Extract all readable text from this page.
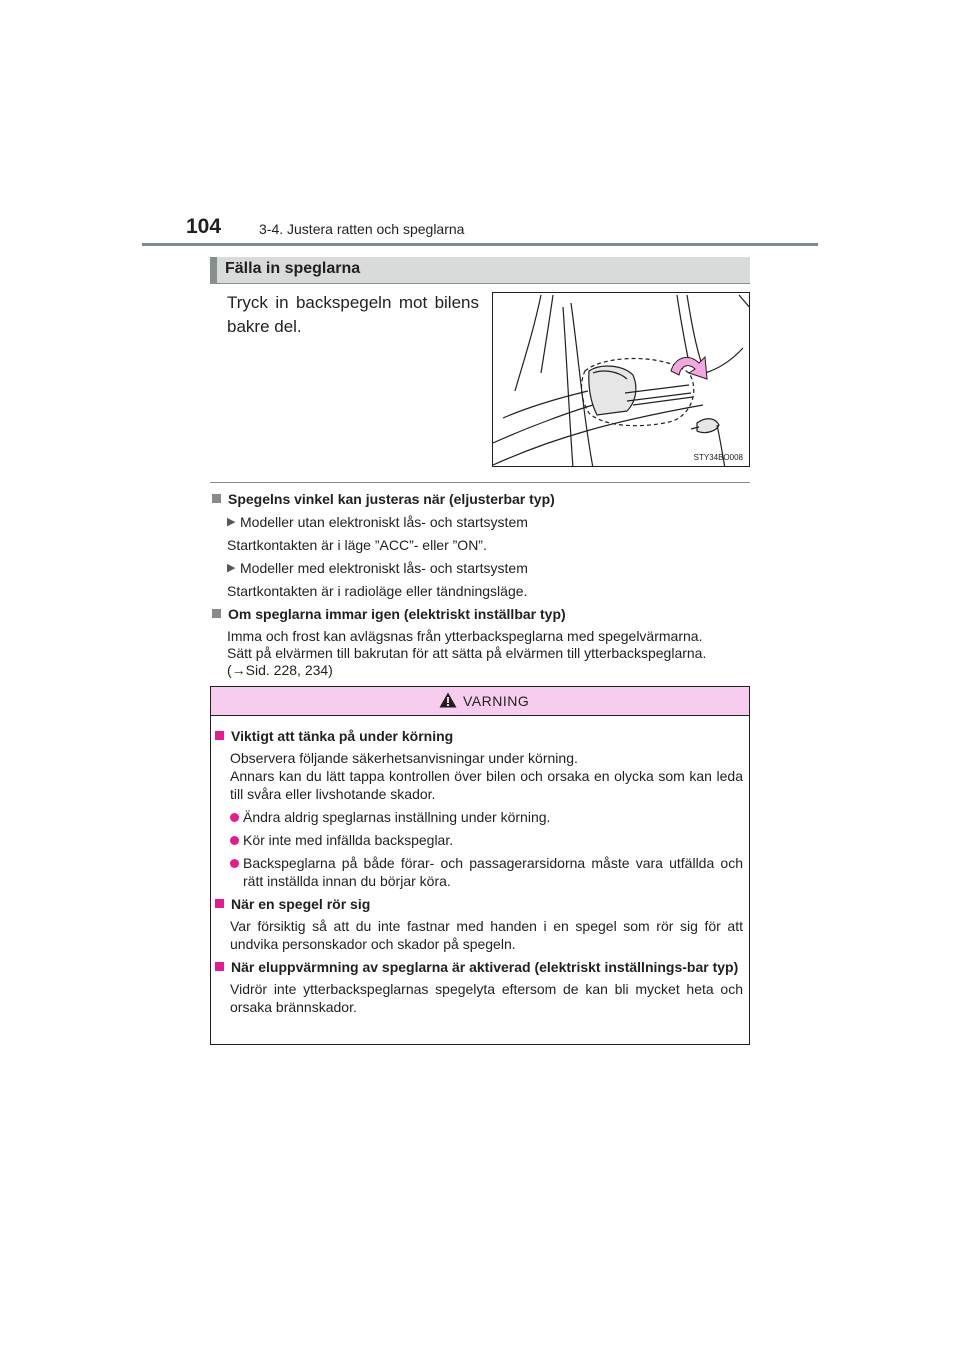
104	3-4. Justera ratten och speglarna
Fälla in speglarna
Tryck in backspegeln mot bilens bakre del.
STY34BO008
Spegelns vinkel kan justeras när (eljusterbar typ)
▶ Modeller utan elektroniskt lås- och startsystem
Startkontakten är i läge ”ACC”- eller ”ON”.
▶ Modeller med elektroniskt lås- och startsystem
Startkontakten är i radioläge eller tändningsläge.
Om speglarna immar igen (elektriskt inställbar typ)
Imma och frost kan avlägsnas från ytterbackspeglarna med spegelvärmarna.
Sätt på elvärmen till bakrutan för att sätta på elvärmen till ytterbackspeglarna.
(→Sid. 228, 234)
VARNING
Viktigt att tänka på under körning
Observera följande säkerhetsanvisningar under körning.
Annars kan du lätt tappa kontrollen över bilen och orsaka en olycka som kan leda till svåra eller livshotande skador.
Ändra aldrig speglarnas inställning under körning.
Kör inte med infällda backspeglar.
Backspeglarna på både förar- och passagerarsidorna måste vara utfällda och rätt inställda innan du börjar köra.
När en spegel rör sig
Var försiktig så att du inte fastnar med handen i en spegel som rör sig för att undvika personskador och skador på spegeln.
När eluppvärmning av speglarna är aktiverad (elektriskt inställnings-bar typ)
Vidrör inte ytterbackspeglarnas spegelyta eftersom de kan bli mycket heta och orsaka brännskador.
